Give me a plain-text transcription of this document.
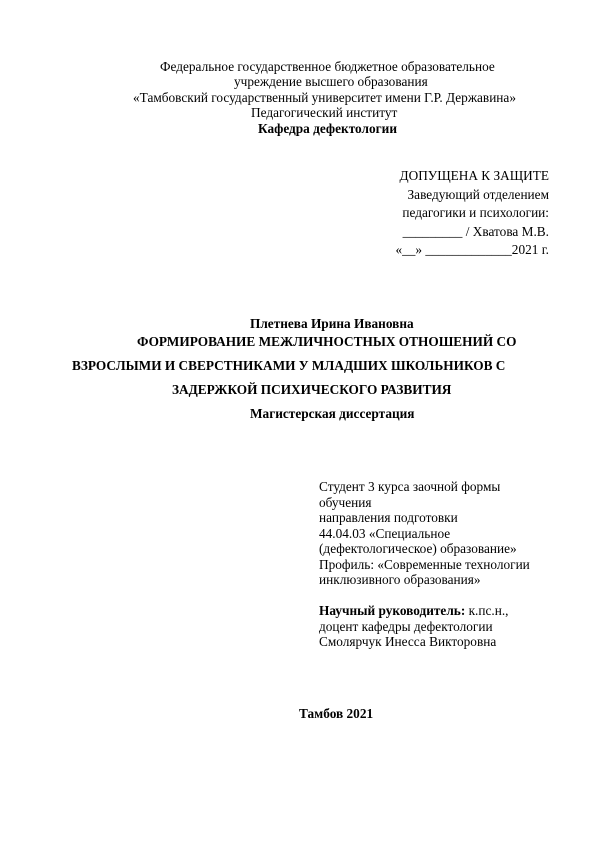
Федеральное государственное бюджетное образовательное
учреждение высшего образования
«Тамбовский государственный университет имени Г.Р. Державина»
Педагогический институт
Кафедра дефектологии
ДОПУЩЕНА К ЗАЩИТЕ
Заведующий отделением
педагогики и психологии:
_________ / Хватова М.В.
«__» _____________2021 г.
Плетнева Ирина Ивановна
ФОРМИРОВАНИЕ МЕЖЛИЧНОСТНЫХ ОТНОШЕНИЙ СО
ВЗРОСЛЫМИ И СВЕРСТНИКАМИ У МЛАДШИХ ШКОЛЬНИКОВ С
ЗАДЕРЖКОЙ ПСИХИЧЕСКОГО РАЗВИТИЯ
Магистерская диссертация
Студент 3 курса заочной формы
обучения
направления подготовки
44.04.03 «Специальное
(дефектологическое) образование»
Профиль: «Современные технологии
инклюзивного образования»
Научный руководитель: к.пс.н.,
доцент кафедры дефектологии
Смолярчук Инесса Викторовна
Тамбов 2021
